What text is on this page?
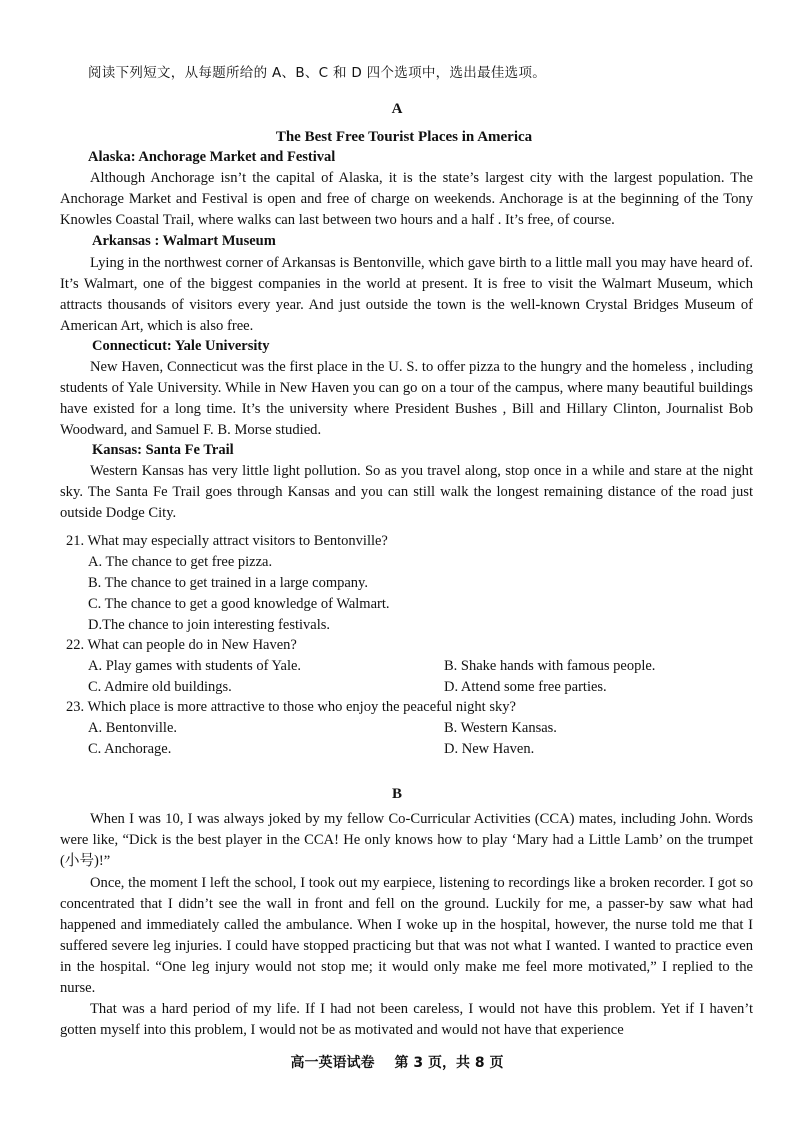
阅读下列短文，从每题所给的 A、B、C 和 D 四个选项中，选出最佳选项。
A
The Best Free Tourist Places in America
Alaska: Anchorage Market and Festival
Although Anchorage isn’t the capital of Alaska, it is the state’s largest city with the largest population. The Anchorage Market and Festival is open and free of charge on weekends. Anchorage is at the beginning of the Tony Knowles Coastal Trail, where walks can last between two hours and a half . It’s free, of course.
Arkansas : Walmart Museum
Lying in the northwest corner of Arkansas is Bentonville, which gave birth to a little mall you may have heard of. It’s Walmart, one of the biggest companies in the world at present. It is free to visit the Walmart Museum, which attracts thousands of visitors every year. And just outside the town is the well-known Crystal Bridges Museum of American Art, which is also free.
Connecticut: Yale University
New Haven, Connecticut was the first place in the U. S. to offer pizza to the hungry and the homeless , including students of Yale University. While in New Haven you can go on a tour of the campus, where many beautiful buildings have existed for a long time. It’s the university where President Bushes , Bill and Hillary Clinton, Journalist Bob Woodward, and Samuel F. B. Morse studied.
Kansas: Santa Fe Trail
Western Kansas has very little light pollution. So as you travel along, stop once in a while and stare at the night sky. The Santa Fe Trail goes through Kansas and you can still walk the longest remaining distance of the road just outside Dodge City.
21. What may especially attract visitors to Bentonville?
A. The chance to get free pizza.
B. The chance to get trained in a large company.
C. The chance to get a good knowledge of Walmart.
D.The chance to join interesting festivals.
22. What can people do in New Haven?
A. Play games with students of Yale.	B. Shake hands with famous people.
C. Admire old buildings.	D. Attend some free parties.
23. Which place is more attractive to those who enjoy the peaceful night sky?
A. Bentonville.	B. Western Kansas.
C. Anchorage.	D. New Haven.
B
When I was 10, I was always joked by my fellow Co-Curricular Activities (CCA) mates, including John. Words were like, “Dick is the best player in the CCA! He only knows how to play ‘Mary had a Little Lamb’ on the trumpet (小号)!”
Once, the moment I left the school, I took out my earpiece, listening to recordings like a broken recorder. I got so concentrated that I didn’t see the wall in front and fell on the ground. Luckily for me, a passer-by saw what had happened and immediately called the ambulance. When I woke up in the hospital, however, the nurse told me that I suffered severe leg injuries. I could have stopped practicing but that was not what I wanted. I wanted to practice even in the hospital. “One leg injury would not stop me; it would only make me feel more motivated,” I replied to the nurse.
That was a hard period of my life. If I had not been careless, I would not have this problem. Yet if I haven’t gotten myself into this problem, I would not be as motivated and would not have that experience
高一英语试卷 第 3 页，共 8 页
